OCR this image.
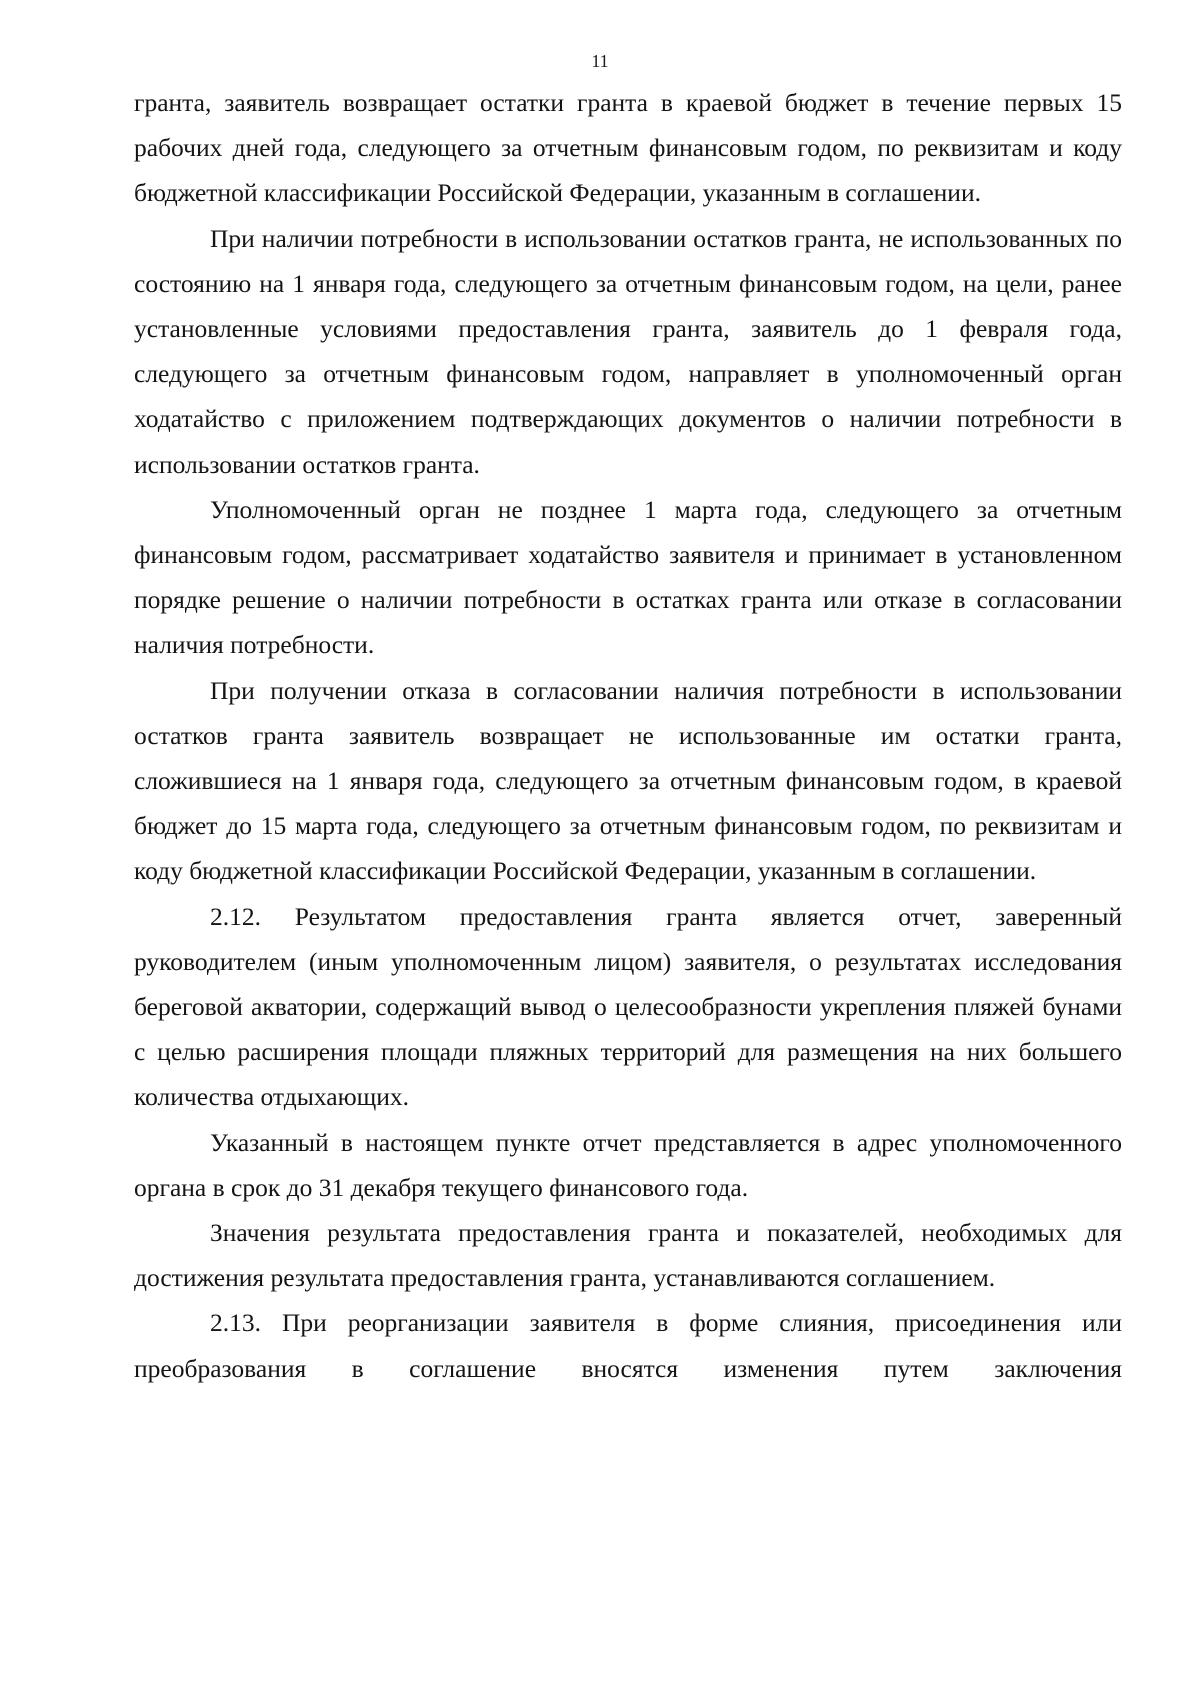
11

гранта, заявитель возвращает остатки гранта в краевой бюджет в течение первых 15 рабочих дней года, следующего за отчетным финансовым годом, по реквизитам и коду бюджетной классификации Российской Федерации, указанным в соглашении.

При наличии потребности в использовании остатков гранта, не использованных по состоянию на 1 января года, следующего за отчетным финансовым годом, на цели, ранее установленные условиями предоставления гранта, заявитель до 1 февраля года, следующего за отчетным финансовым годом, направляет в уполномоченный орган ходатайство с приложением подтверждающих документов о наличии потребности в использовании остатков гранта.

Уполномоченный орган не позднее 1 марта года, следующего за отчетным финансовым годом, рассматривает ходатайство заявителя и принимает в установленном порядке решение о наличии потребности в остатках гранта или отказе в согласовании наличия потребности.

При получении отказа в согласовании наличия потребности в использовании остатков гранта заявитель возвращает не использованные им остатки гранта, сложившиеся на 1 января года, следующего за отчетным финансовым годом, в краевой бюджет до 15 марта года, следующего за отчетным финансовым годом, по реквизитам и коду бюджетной классификации Российской Федерации, указанным в соглашении.

2.12. Результатом предоставления гранта является отчет, заверенный руководителем (иным уполномоченным лицом) заявителя, о результатах исследования береговой акватории, содержащий вывод о целесообразности укрепления пляжей бунами с целью расширения площади пляжных территорий для размещения на них большего количества отдыхающих.

Указанный в настоящем пункте отчет представляется в адрес уполномоченного органа в срок до 31 декабря текущего финансового года.

Значения результата предоставления гранта и показателей, необходимых для достижения результата предоставления гранта, устанавливаются соглашением.

2.13. При реорганизации заявителя в форме слияния, присоединения или преобразования в соглашение вносятся изменения путем заключения
